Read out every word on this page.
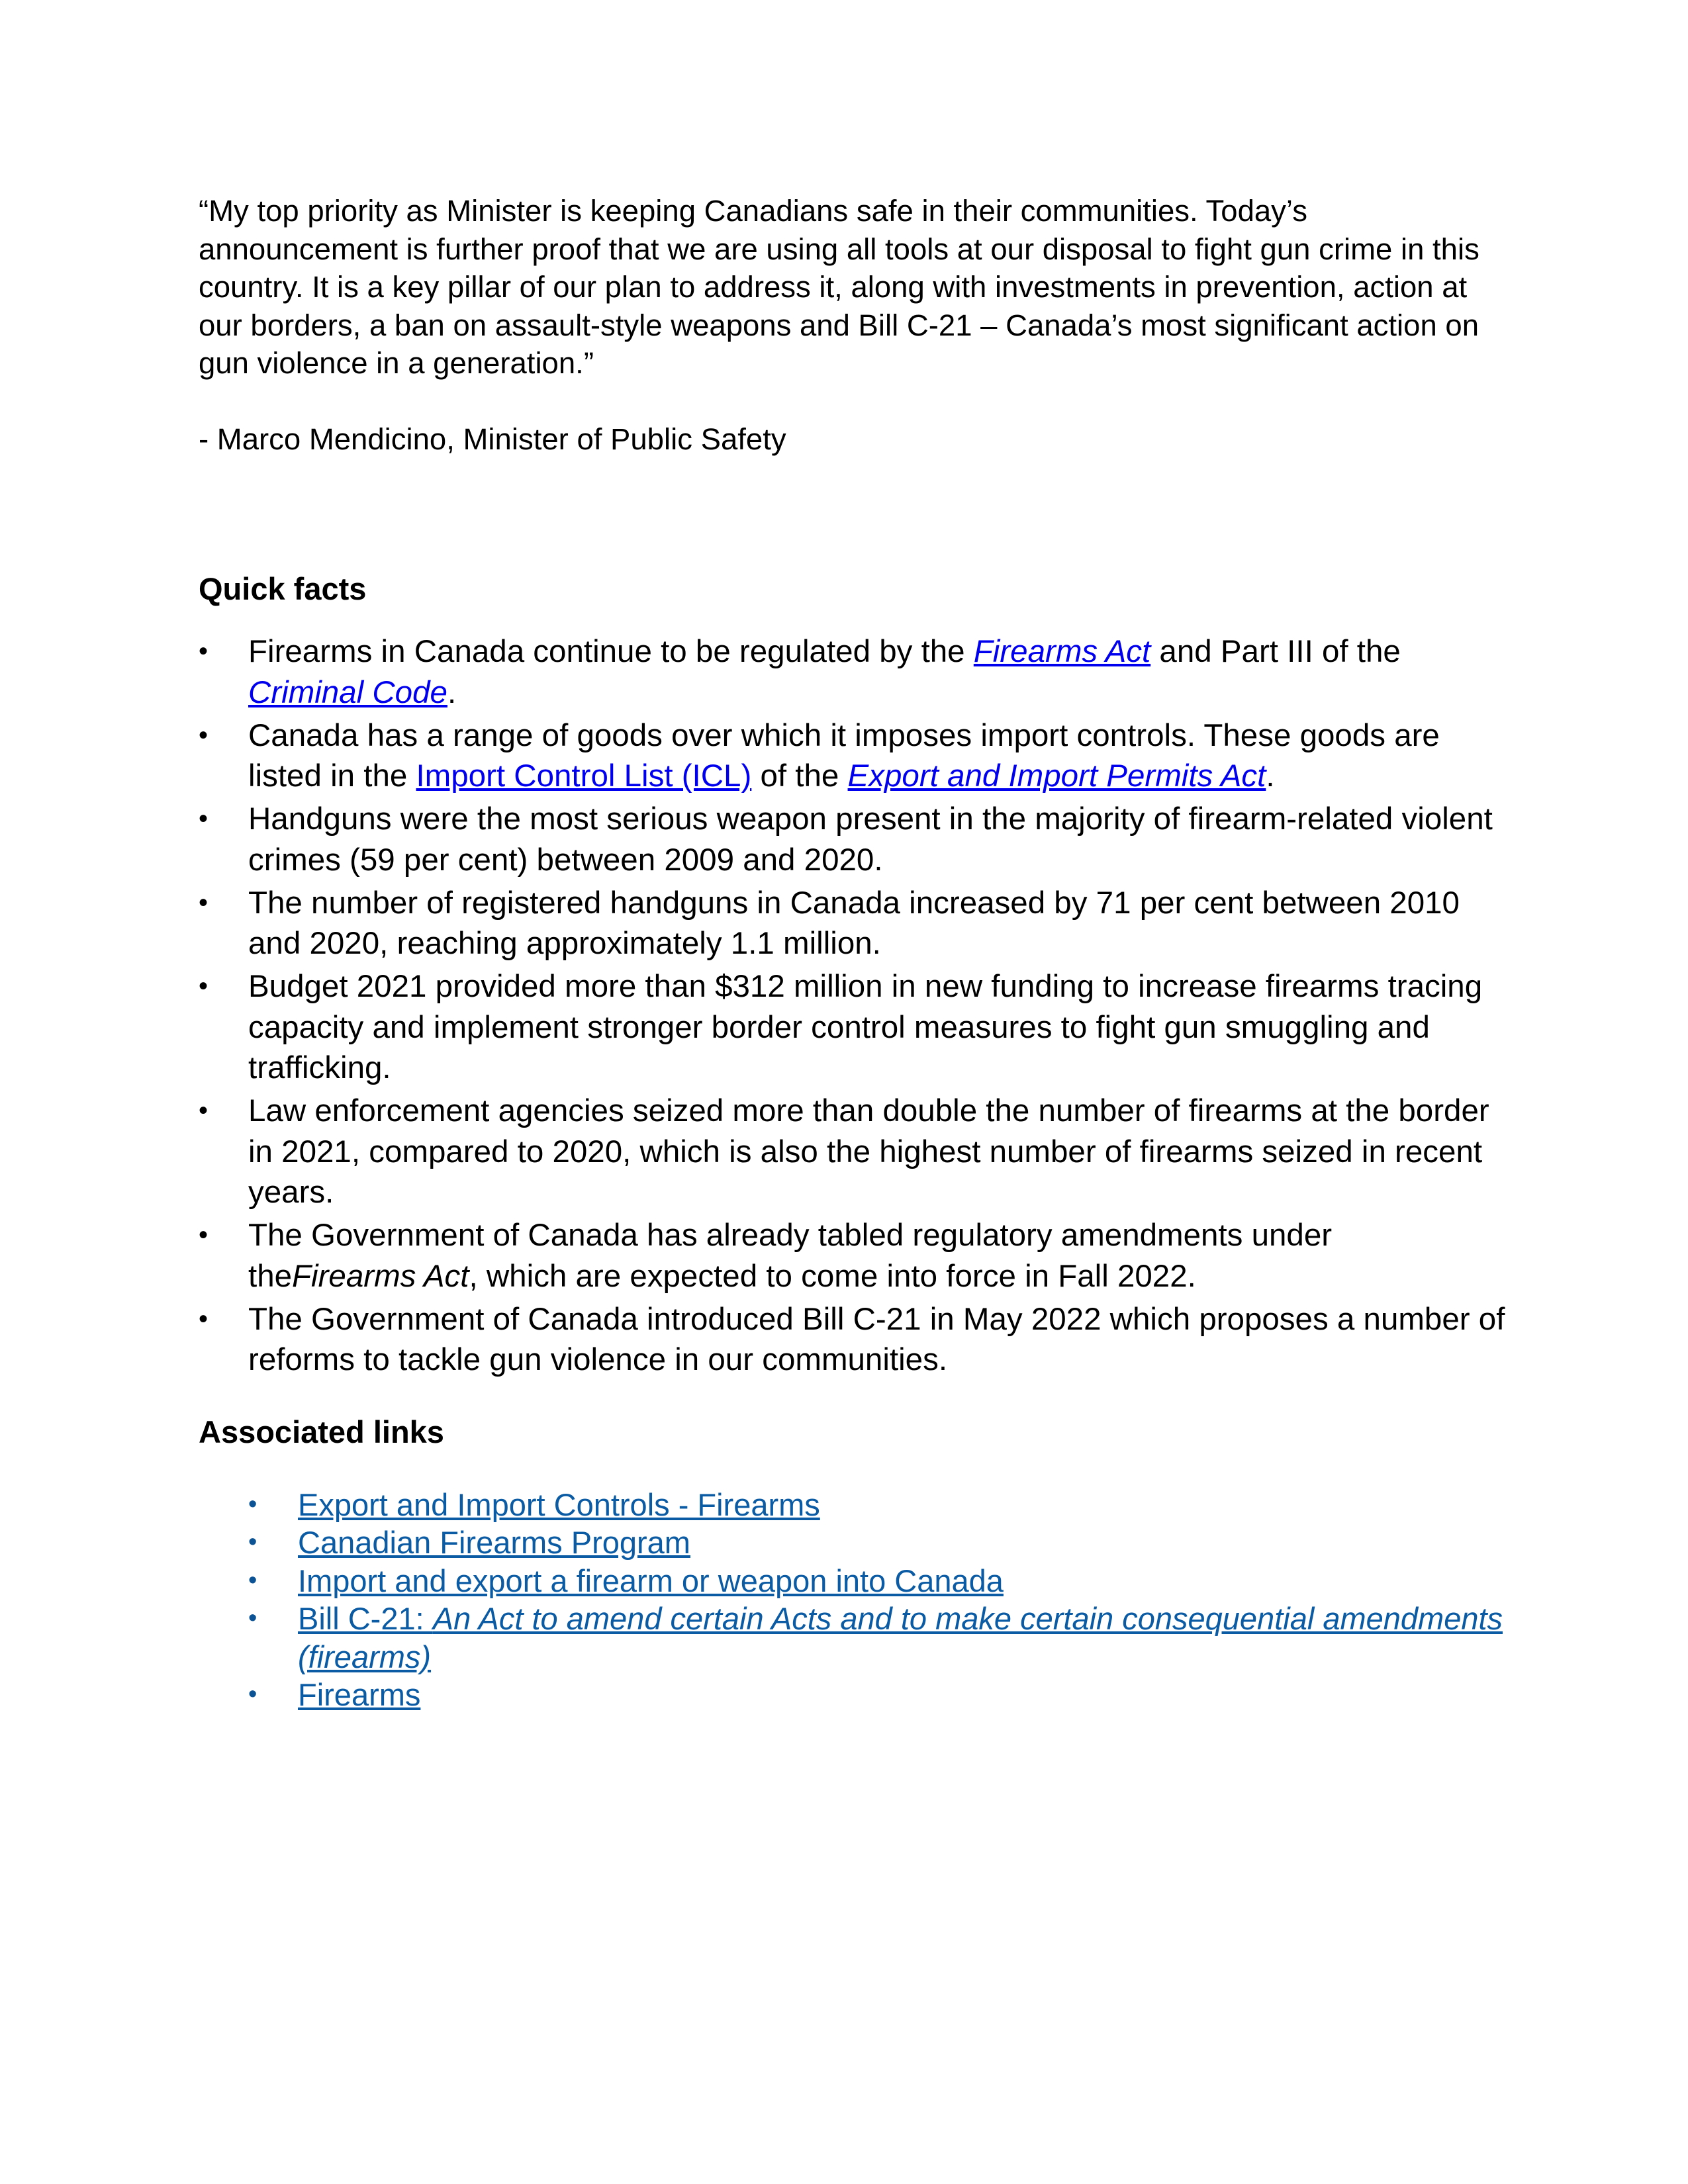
“My top priority as Minister is keeping Canadians safe in their communities. Today’s announcement is further proof that we are using all tools at our disposal to fight gun crime in this country. It is a key pillar of our plan to address it, along with investments in prevention, action at our borders, a ban on assault-style weapons and Bill C-21 – Canada’s most significant action on gun violence in a generation.”

- Marco Mendicino, Minister of Public Safety

Quick facts
•	Firearms in Canada continue to be regulated by the Firearms Act and Part III of the Criminal Code.
•	Canada has a range of goods over which it imposes import controls. These goods are listed in the Import Control List (ICL) of the Export and Import Permits Act.
•	Handguns were the most serious weapon present in the majority of firearm-related violent crimes (59 per cent) between 2009 and 2020.
•	The number of registered handguns in Canada increased by 71 per cent between 2010 and 2020, reaching approximately 1.1 million.
•	Budget 2021 provided more than $312 million in new funding to increase firearms tracing capacity and implement stronger border control measures to fight gun smuggling and trafficking.
•	Law enforcement agencies seized more than double the number of firearms at the border in 2021, compared to 2020, which is also the highest number of firearms seized in recent years.
•	The Government of Canada has already tabled regulatory amendments under theFirearms Act, which are expected to come into force in Fall 2022.
•	The Government of Canada introduced Bill C-21 in May 2022 which proposes a number of reforms to tackle gun violence in our communities.
Associated links
•	Export and Import Controls - Firearms
•	Canadian Firearms Program
•	Import and export a firearm or weapon into Canada
•	Bill C-21: An Act to amend certain Acts and to make certain consequential amendments (firearms)
•	Firearms
